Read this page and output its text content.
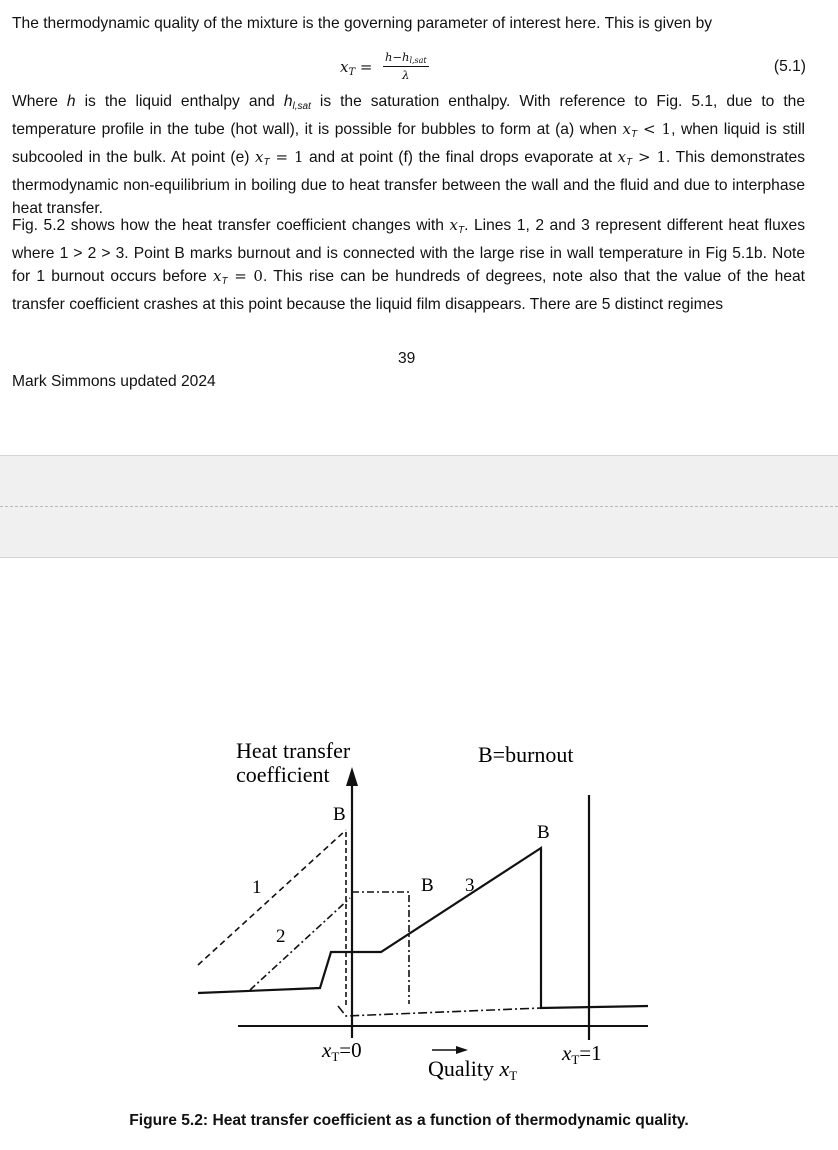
The thermodynamic quality of the mixture is the governing parameter of interest here. This is given by

$x_T$ =
h−hl,sat
λ	(5.1)

Where h is the liquid enthalpy and $h_{l,sat}$ is the saturation enthalpy. With reference to Fig. 5.1, due to the temperature profile in the tube (hot wall), it is possible for bubbles to form at (a) when $x_T < 1$, when liquid is still subcooled in the bulk. At point (e) $x_T = 1$ and at point (f) the final drops evaporate at $x_T > 1$. This demonstrates thermodynamic non-equilibrium in boiling due to heat transfer between the wall and the fluid and due to interphase heat transfer.

Fig. 5.2 shows how the heat transfer coefficient changes with $x_T$. Lines 1, 2 and 3 represent different heat fluxes where 1 > 2 > 3. Point B marks burnout and is connected with the large rise in wall temperature in Fig 5.1b. Note for 1 burnout occurs before $x_T = 0$. This rise can be hundreds of degrees, note also that the value of the heat transfer coefficient crashes at this point because the liquid film disappears. There are 5 distinct regimes

39
Mark Simmons updated 2024
Heat transfer
coefficient
B=burnout
B
B
B
1
2
3
xT=0	xT=1
Quality xT
Figure 5.2: Heat transfer coefficient as a function of thermodynamic quality.
